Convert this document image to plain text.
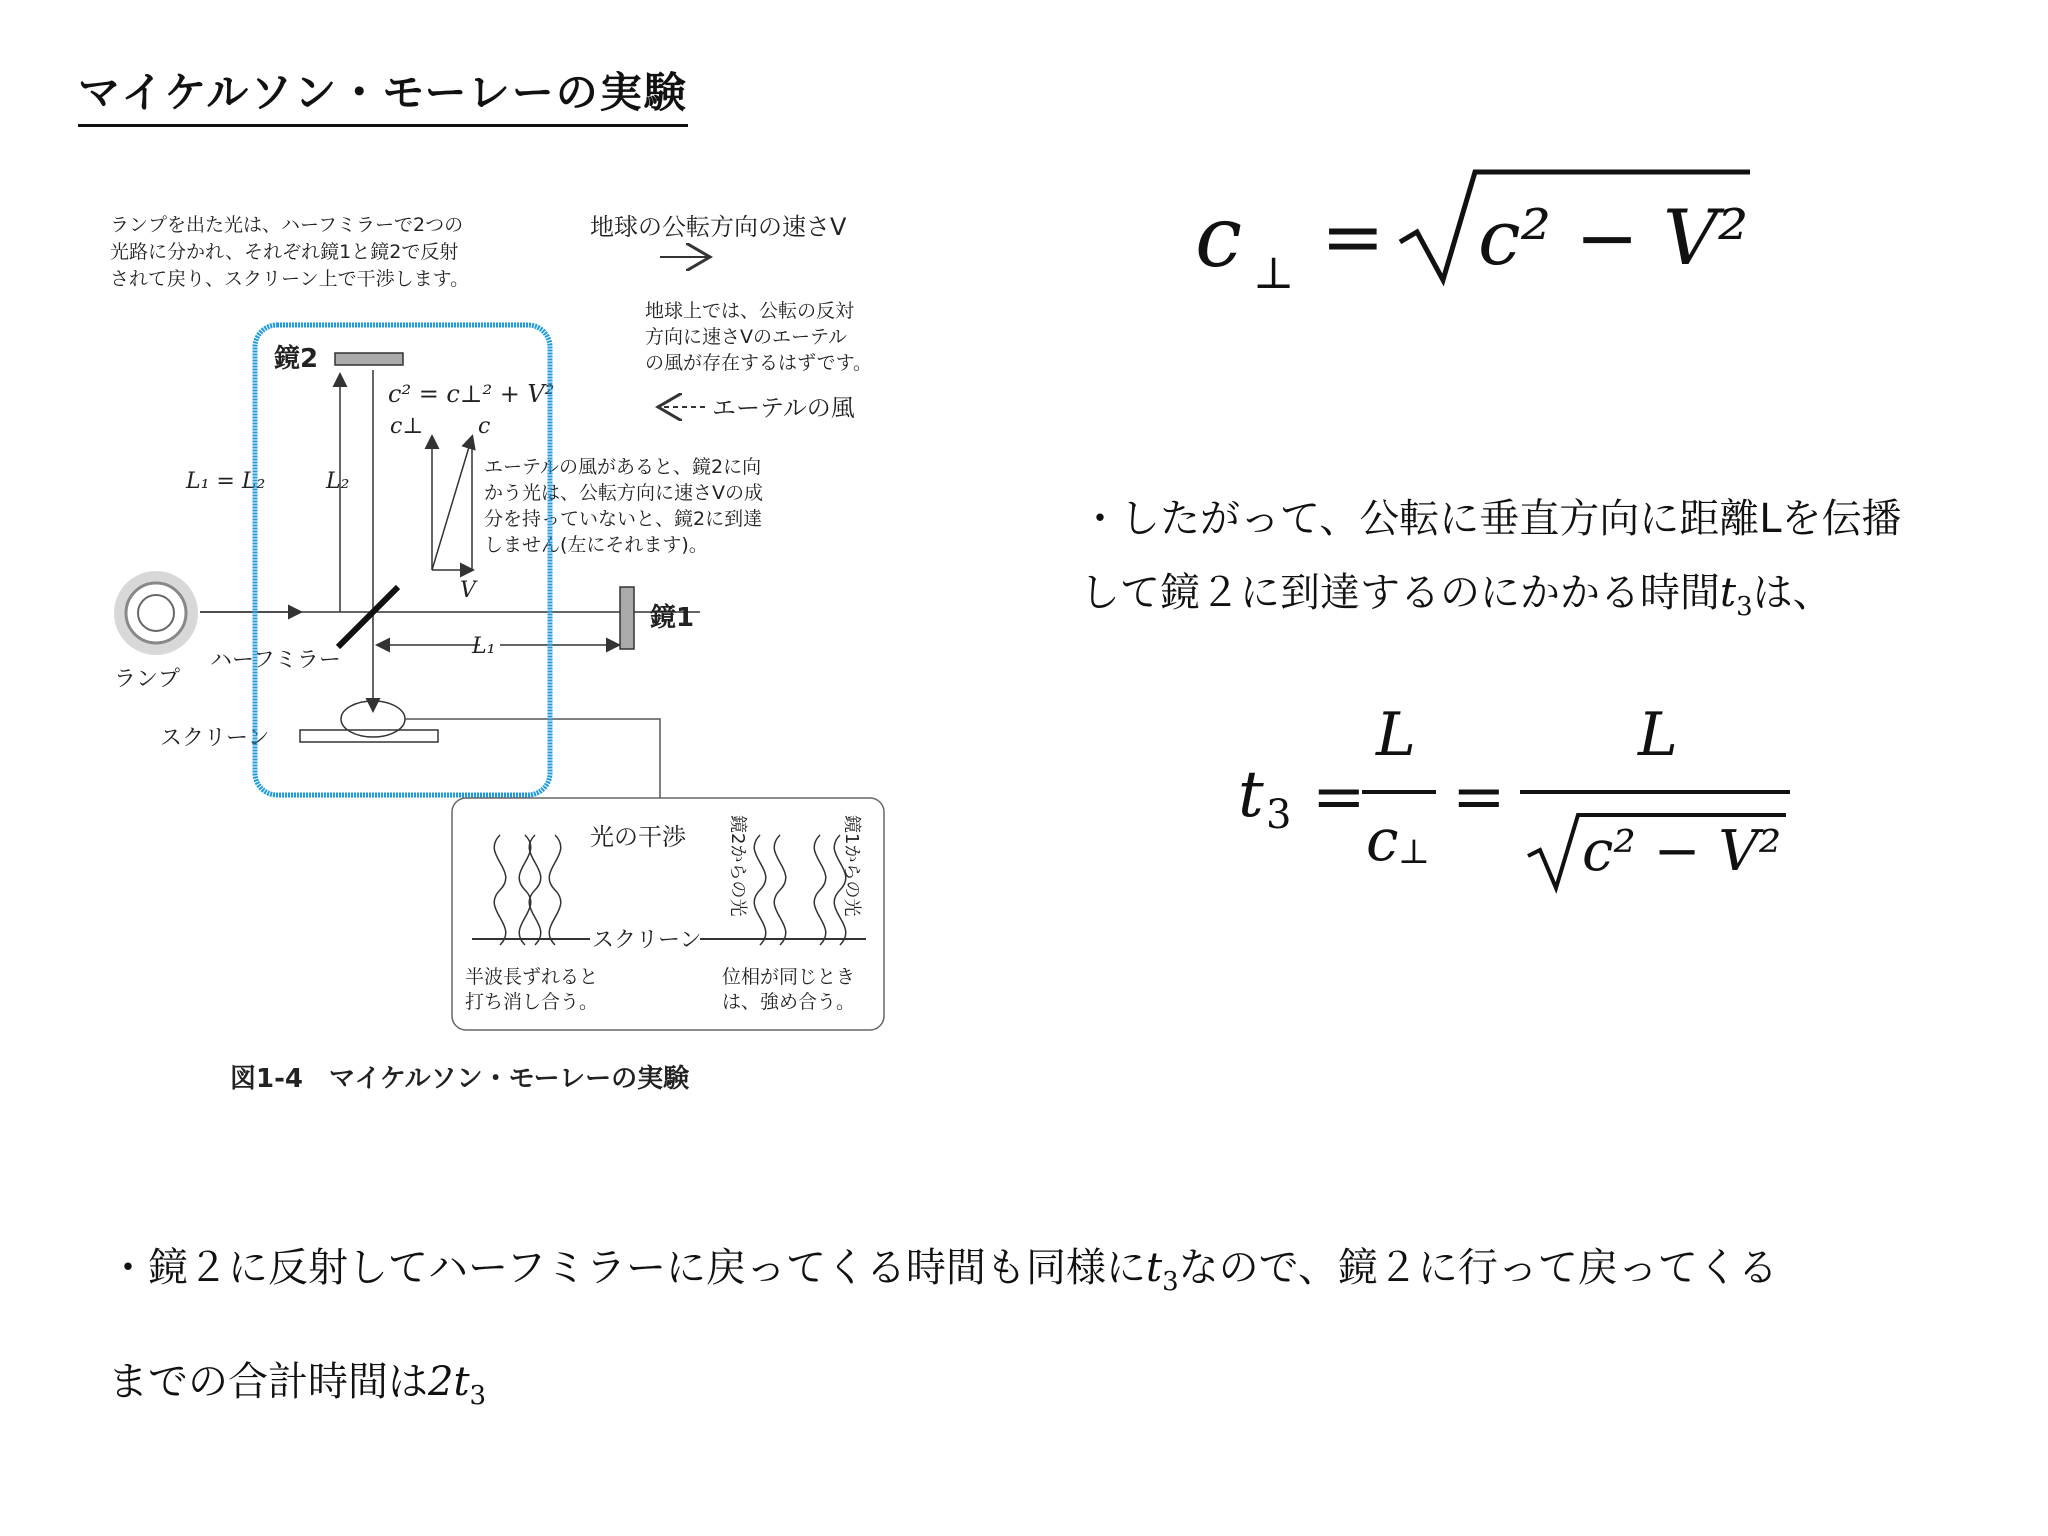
マイケルソン・モーレーの実験
ランプを出た光は、ハーフミラーで2つの
光路に分かれ、それぞれ鏡1と鏡2で反射
されて戻り、スクリーン上で干渉します。
地球の公転方向の速さV
地球上では、公転の反対
方向に速さVのエーテル
の風が存在するはずです。
エーテルの風
鏡2
c² = c⊥² + V²
c⊥ c
V
L₁ = L₂	L₂
エーテルの風があると、鏡2に向
かう光は、公転方向に速さVの成
分を持っていないと、鏡2に到達
しません(左にそれます)。
ランプ
ハーフミラー
L₁
鏡1
スクリーン
光の干渉
スクリーン
鏡2からの光	鏡1からの光
半波長ずれると
打ち消し合う。
位相が同じとき
は、強め合う。
図1-4　マイケルソン・モーレーの実験
c ⊥ = c² − V²
・したがって、公転に垂直方向に距離Lを伝播
して鏡２に到達するのにかかる時間$t_3$は、
t 3 =
L
c ⊥
=
L
c² − V²
・鏡２に反射してハーフミラーに戻ってくる時間も同様に$t_3$なので、鏡２に行って戻ってくる
までの合計時間は$2t_3$
